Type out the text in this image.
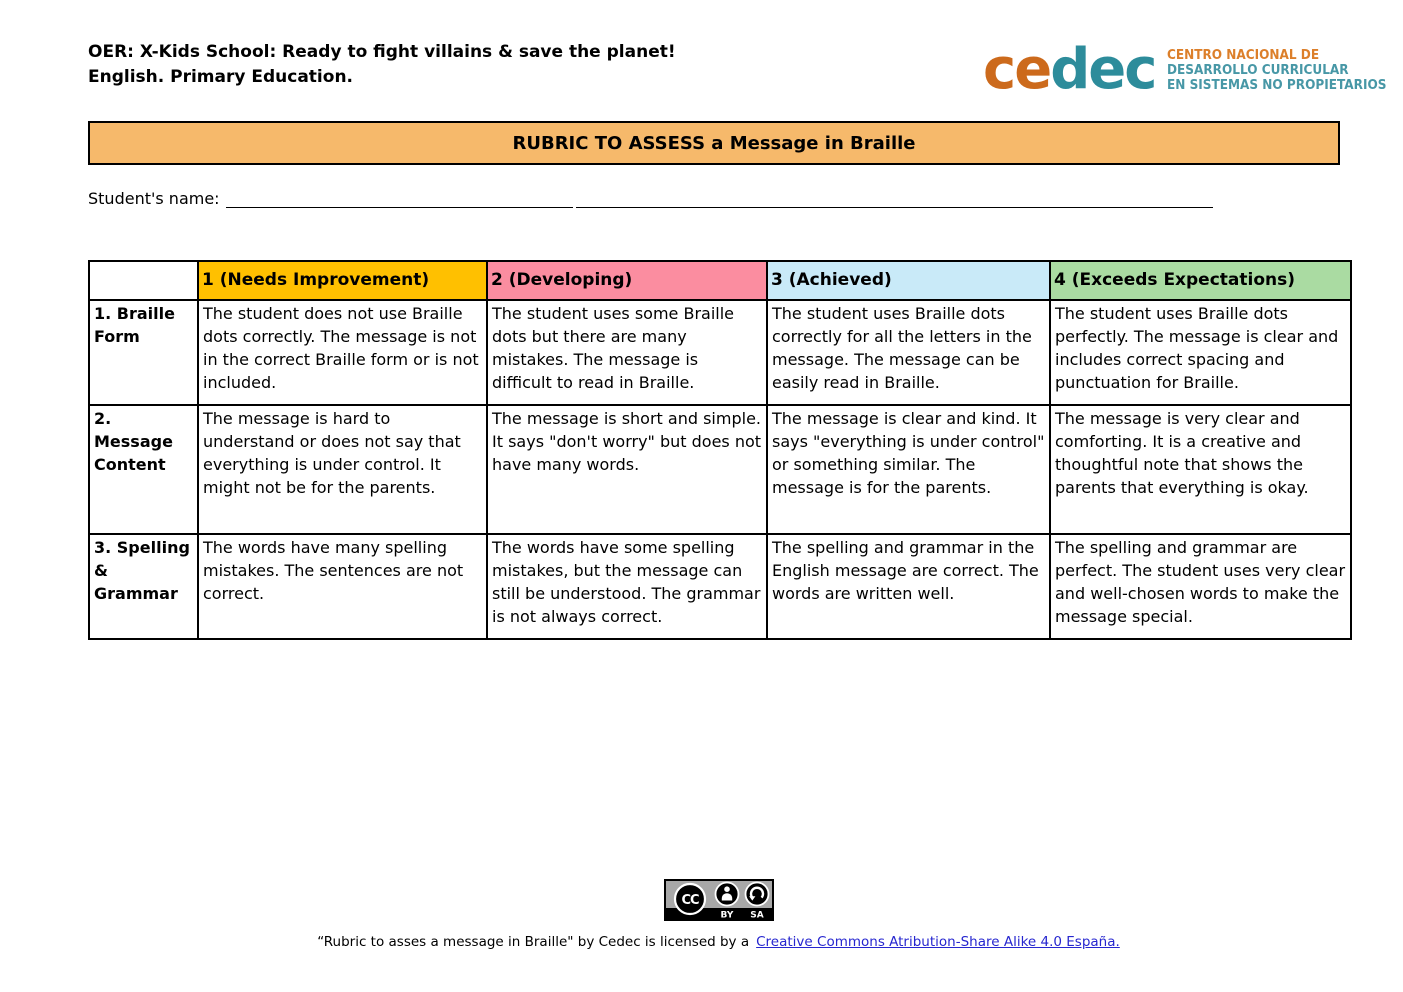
OER: X-Kids School: Ready to fight villains & save the planet!
English. Primary Education.	cedec CENTRO NACIONAL DE
DESARROLLO CURRICULAR
EN SISTEMAS NO PROPIETARIOS
RUBRIC TO ASSESS a Message in Braille
Student's name:
	1 (Needs Improvement)	2 (Developing)	3 (Achieved)	4 (Exceeds Expectations)
1. Braille Form	The student does not use Braille dots correctly. The message is not in the correct Braille form or is not included.	The student uses some Braille dots but there are many mistakes. The message is difficult to read in Braille.	The student uses Braille dots correctly for all the letters in the message. The message can be easily read in Braille.	The student uses Braille dots perfectly. The message is clear and includes correct spacing and punctuation for Braille.
2. Message Content	The message is hard to understand or does not say that everything is under control. It might not be for the parents.	The message is short and simple. It says "don't worry" but does not have many words.	The message is clear and kind. It says "everything is under control" or something similar. The message is for the parents.	The message is very clear and comforting. It is a creative and thoughtful note that shows the parents that everything is okay.
3. Spelling & Grammar	The words have many spelling mistakes. The sentences are not correct.	The words have some spelling mistakes, but the message can still be understood. The grammar is not always correct.	The spelling and grammar in the English message are correct. The words are written well.	The spelling and grammar are perfect. The student uses very clear and well-chosen words to make the message special.
CC
BY SA
“Rubric to asses a message in Braille" by Cedec is licensed by a Creative Commons Atribution-Share Alike 4.0 España.
